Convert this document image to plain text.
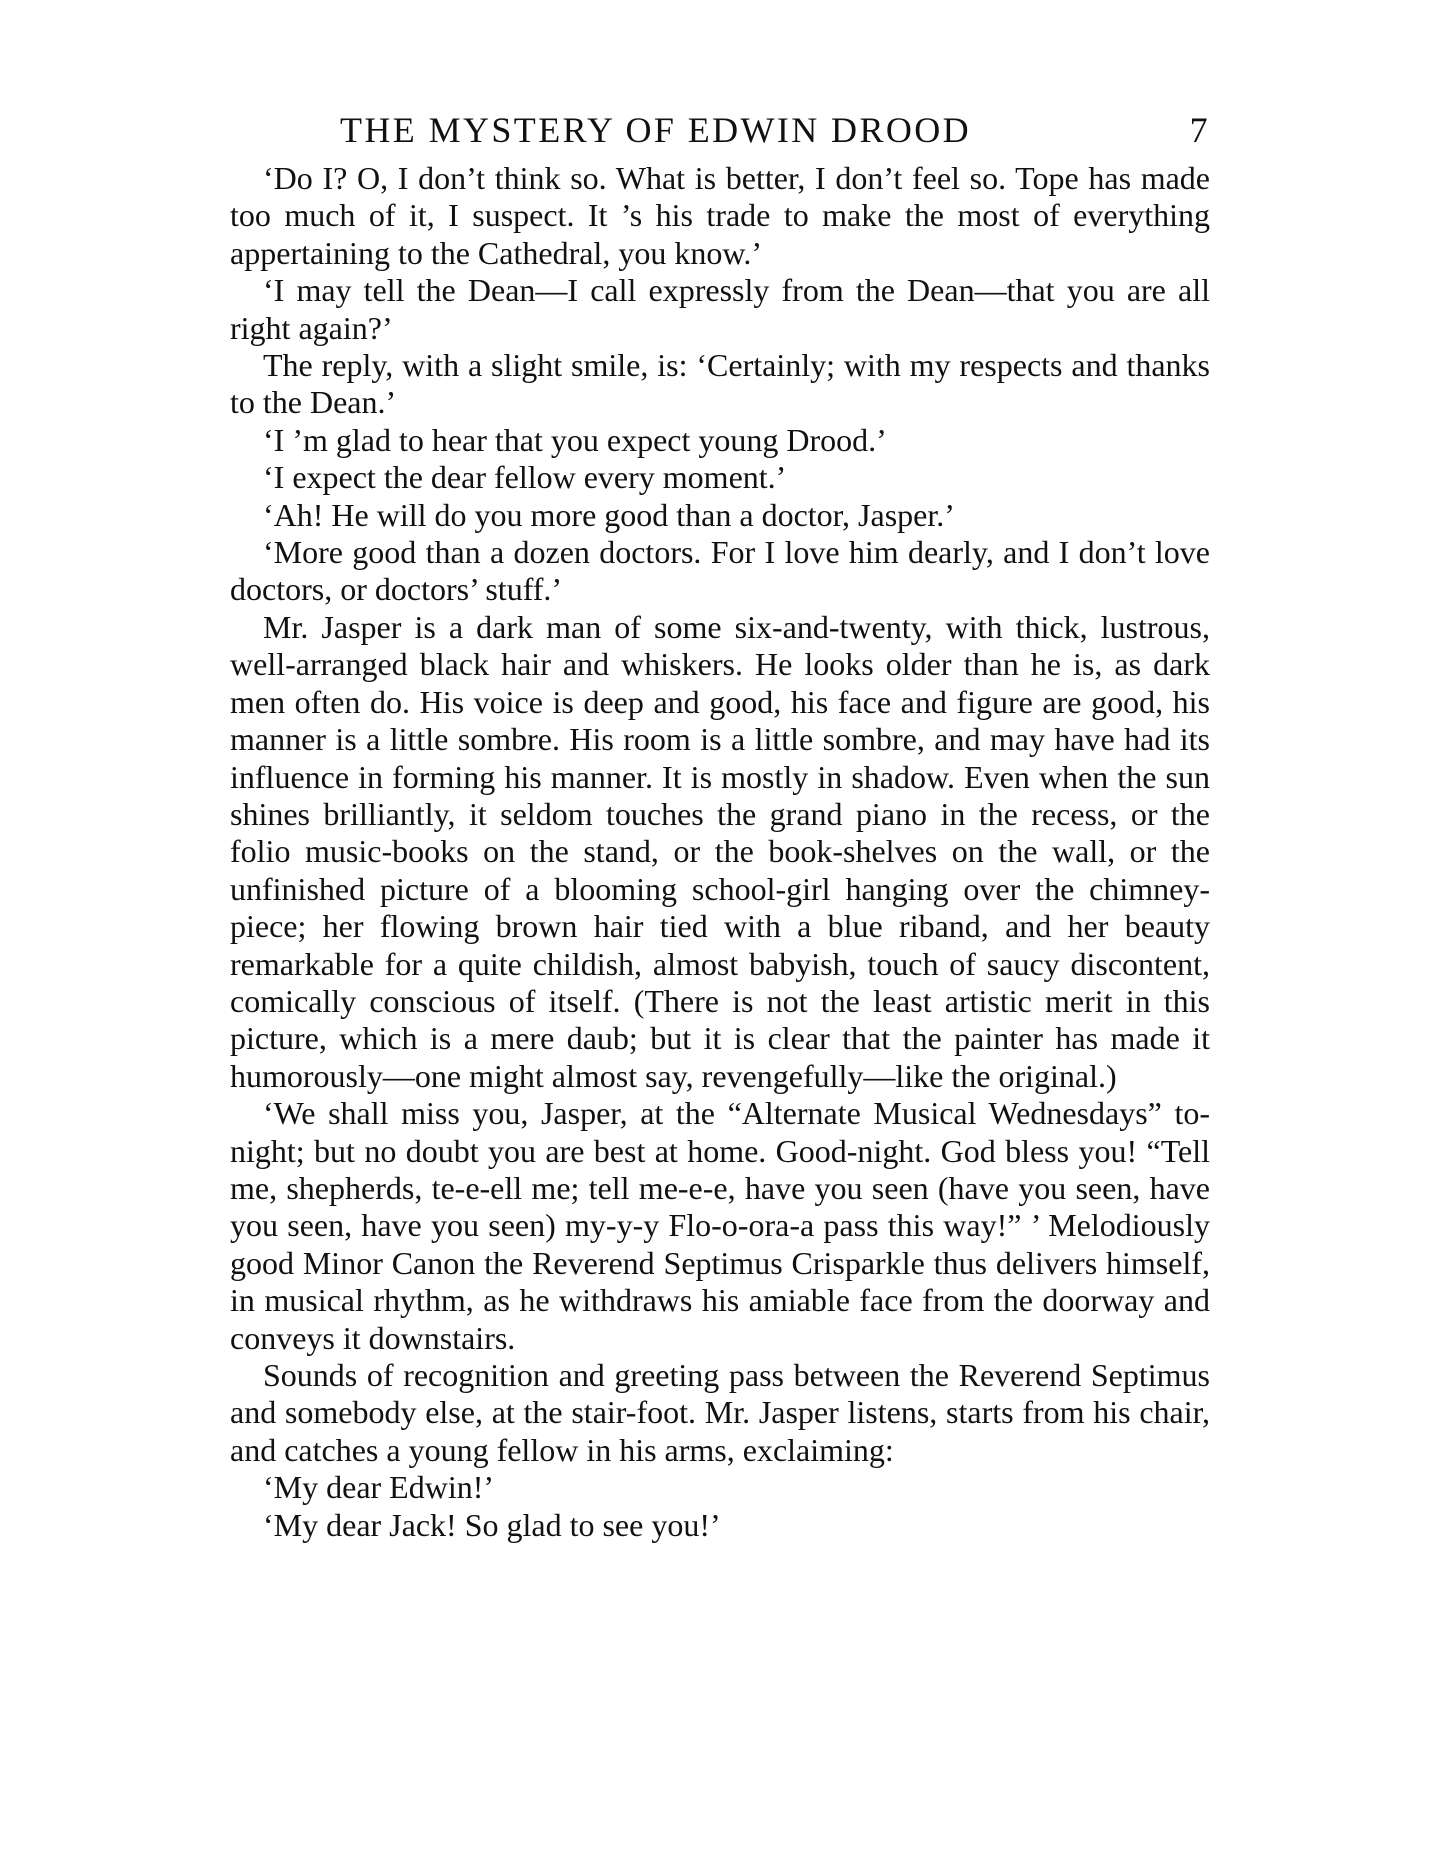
THE MYSTERY OF EDWIN DROOD	7

‘Do I? O, I don’t think so. What is better, I don’t feel so. Tope has made too much of it, I suspect. It ’s his trade to make the most of everything appertaining to the Cathedral, you know.’

‘I may tell the Dean—I call expressly from the Dean—that you are all right again?’

The reply, with a slight smile, is: ‘Certainly; with my respects and thanks to the Dean.’

‘I ’m glad to hear that you expect young Drood.’

‘I expect the dear fellow every moment.’

‘Ah! He will do you more good than a doctor, Jasper.’

‘More good than a dozen doctors. For I love him dearly, and I don’t love doctors, or doctors’ stuff.’

Mr. Jasper is a dark man of some six-and-twenty, with thick, lustrous, well-arranged black hair and whiskers. He looks older than he is, as dark men often do. His voice is deep and good, his face and figure are good, his manner is a little sombre. His room is a little sombre, and may have had its influence in forming his manner. It is mostly in shadow. Even when the sun shines brilliantly, it seldom touches the grand piano in the recess, or the folio music-books on the stand, or the book-shelves on the wall, or the unfinished picture of a blooming school-girl hanging over the chimney-piece; her flowing brown hair tied with a blue riband, and her beauty remarkable for a quite childish, almost babyish, touch of saucy discontent, comically conscious of itself. (There is not the least artistic merit in this picture, which is a mere daub; but it is clear that the painter has made it humorously—one might almost say, revengefully—like the original.)

‘We shall miss you, Jasper, at the “Alternate Musical Wednesdays” to-night; but no doubt you are best at home. Good-night. God bless you! “Tell me, shepherds, te-e-ell me; tell me-e-e, have you seen (have you seen, have you seen, have you seen) my-y-y Flo-o-ora-a pass this way!” ’ Melodiously good Minor Canon the Reverend Septimus Crisparkle thus delivers himself, in musical rhythm, as he withdraws his amiable face from the doorway and conveys it downstairs.

Sounds of recognition and greeting pass between the Reverend Septimus and somebody else, at the stair-foot. Mr. Jasper listens, starts from his chair, and catches a young fellow in his arms, exclaiming:

‘My dear Edwin!’

‘My dear Jack! So glad to see you!’
